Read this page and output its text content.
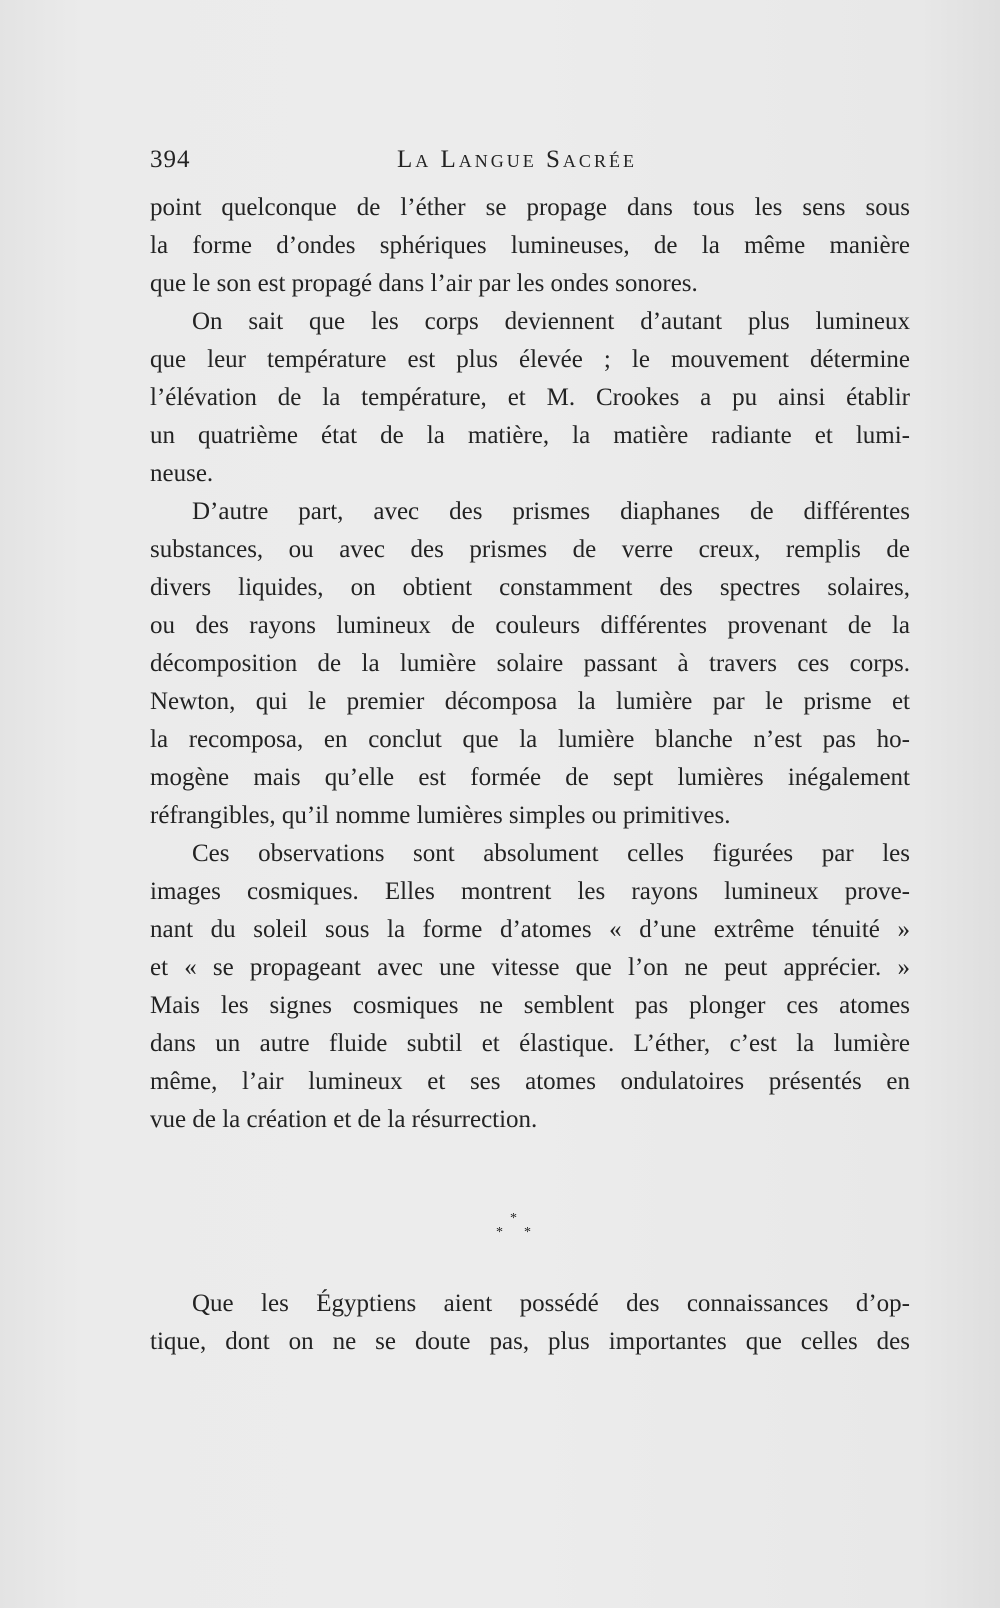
394	La Langue Sacrée
point quelconque de l’éther se propage dans tous les sens sous
la forme d’ondes sphériques lumineuses, de la même manière
que le son est propagé dans l’air par les ondes sonores.
On sait que les corps deviennent d’autant plus lumineux
que leur température est plus élevée ; le mouvement détermine
l’élévation de la température, et M. Crookes a pu ainsi établir
un quatrième état de la matière, la matière radiante et lumi-
neuse.
D’autre part, avec des prismes diaphanes de différentes
substances, ou avec des prismes de verre creux, remplis de
divers liquides, on obtient constamment des spectres solaires,
ou des rayons lumineux de couleurs différentes provenant de la
décomposition de la lumière solaire passant à travers ces corps.
Newton, qui le premier décomposa la lumière par le prisme et
la recomposa, en conclut que la lumière blanche n’est pas ho-
mogène mais qu’elle est formée de sept lumières inégalement
réfrangibles, qu’il nomme lumières simples ou primitives.
Ces observations sont absolument celles figurées par les
images cosmiques. Elles montrent les rayons lumineux prove-
nant du soleil sous la forme d’atomes « d’une extrême ténuité »
et « se propageant avec une vitesse que l’on ne peut apprécier. »
Mais les signes cosmiques ne semblent pas plonger ces atomes
dans un autre fluide subtil et élastique. L’éther, c’est la lumière
même, l’air lumineux et ses atomes ondulatoires présentés en
vue de la création et de la résurrection.
*
* *
Que les Égyptiens aient possédé des connaissances d’op-
tique, dont on ne se doute pas, plus importantes que celles des
